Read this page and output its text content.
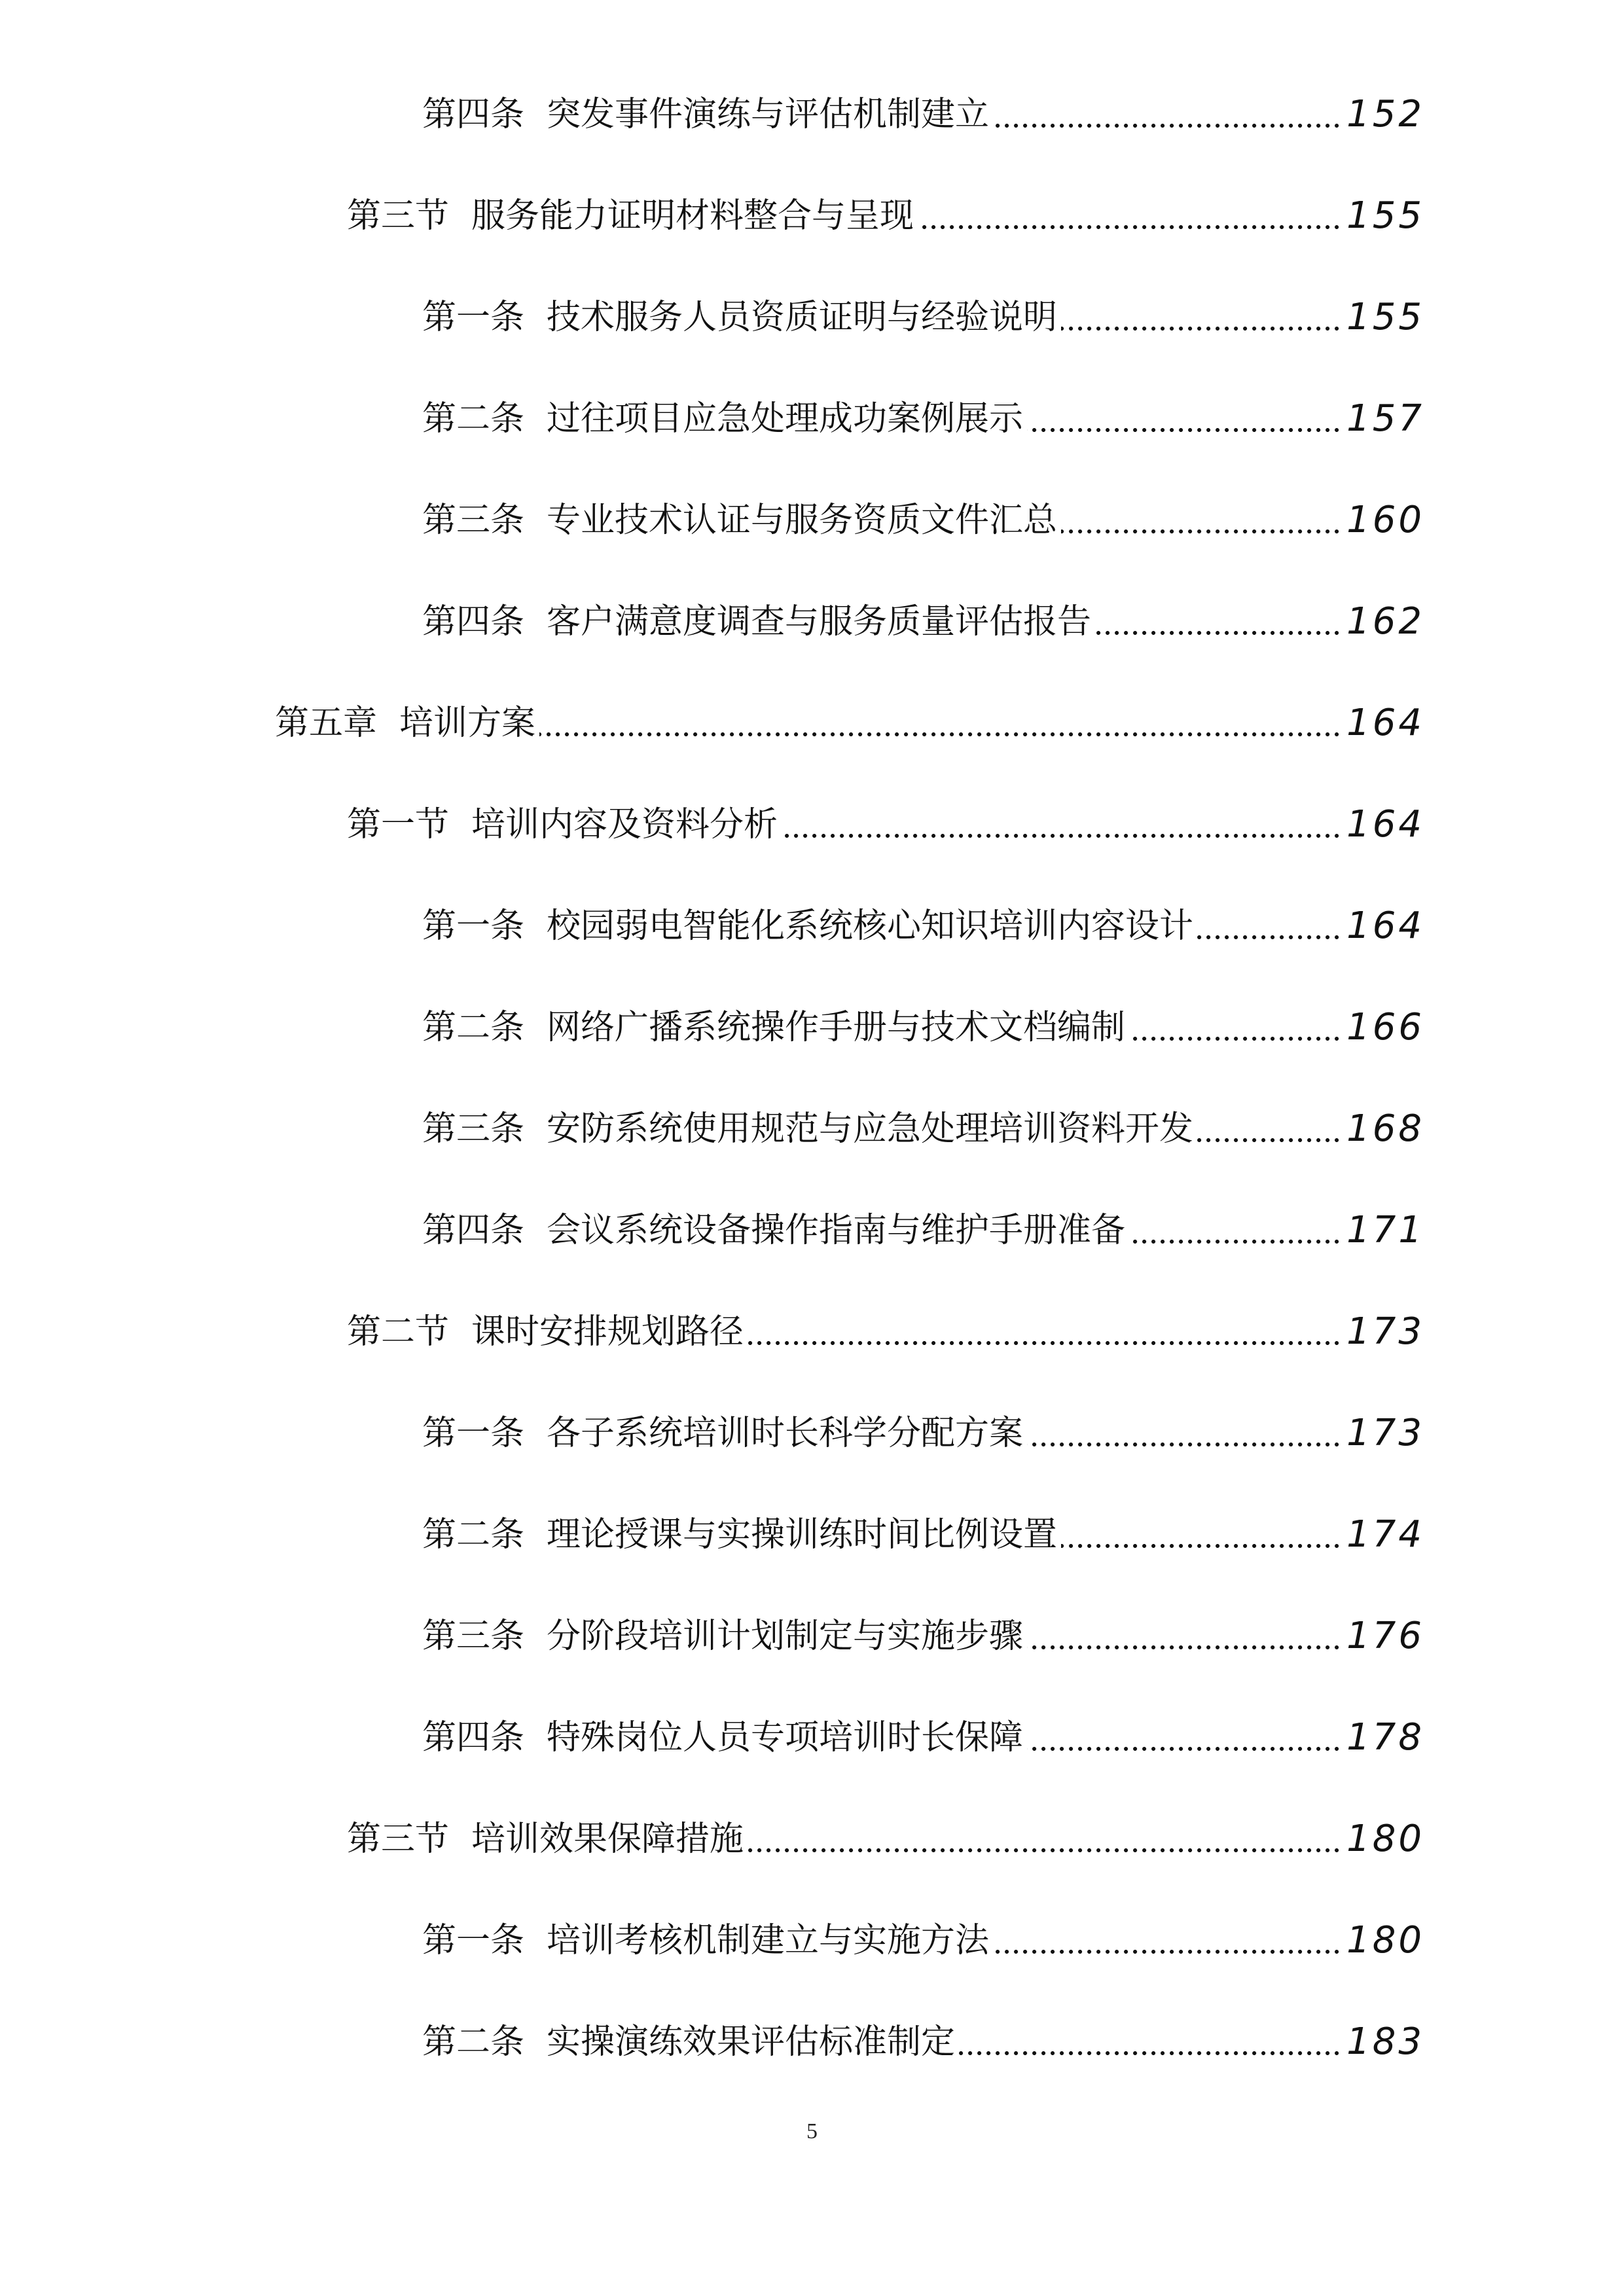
第四条 突发事件演练与评估机制建立	152
第三节 服务能力证明材料整合与呈现	155
第一条 技术服务人员资质证明与经验说明	155
第二条 过往项目应急处理成功案例展示	157
第三条 专业技术认证与服务资质文件汇总	160
第四条 客户满意度调查与服务质量评估报告	162
第五章 培训方案	164
第一节 培训内容及资料分析	164
第一条 校园弱电智能化系统核心知识培训内容设计	164
第二条 网络广播系统操作手册与技术文档编制	166
第三条 安防系统使用规范与应急处理培训资料开发	168
第四条 会议系统设备操作指南与维护手册准备	171
第二节 课时安排规划路径	173
第一条 各子系统培训时长科学分配方案	173
第二条 理论授课与实操训练时间比例设置	174
第三条 分阶段培训计划制定与实施步骤	176
第四条 特殊岗位人员专项培训时长保障	178
第三节 培训效果保障措施	180
第一条 培训考核机制建立与实施方法	180
第二条 实操演练效果评估标准制定	183
5
